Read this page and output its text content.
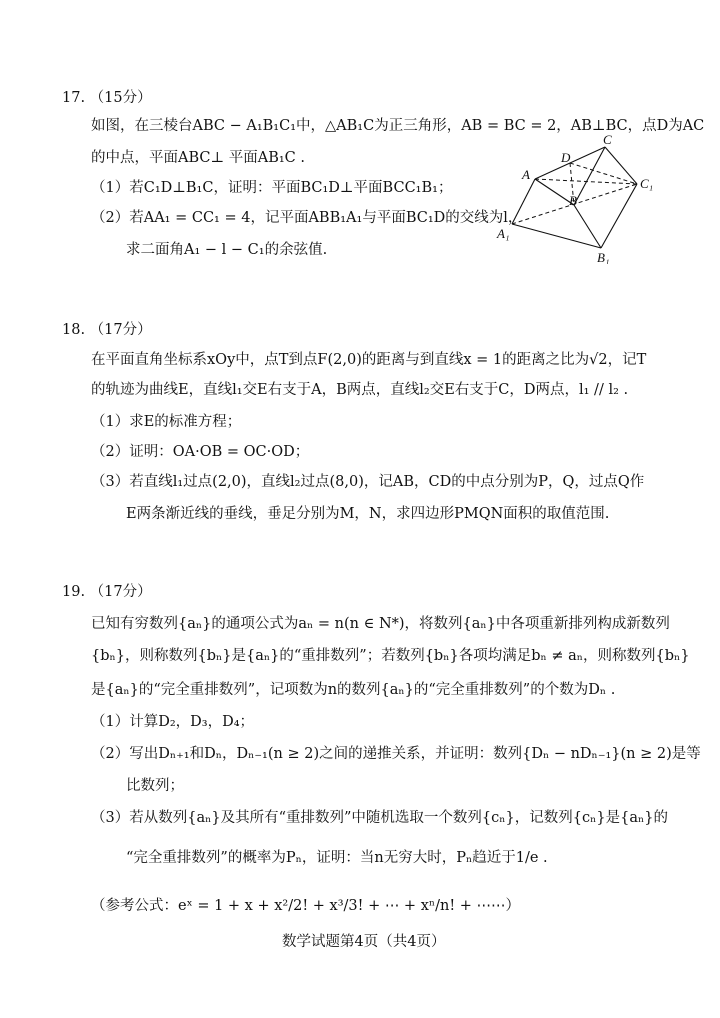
17. （15分）
如图，在三棱台ABC − A₁B₁C₁中，△AB₁C为正三角形，AB = BC = 2，AB⊥BC，点D为AC
的中点，平面ABC⊥ 平面AB₁C .
（1）若C₁D⊥B₁C，证明：平面BC₁D⊥平面BCC₁B₁；
（2）若AA₁ = CC₁ = 4，记平面ABB₁A₁与平面BC₁D的交线为l，
求二面角A₁ − l − C₁的余弦值.
A
B
C
D
A₁
B₁
C₁
18. （17分）
在平面直角坐标系xOy中，点T到点F(2,0)的距离与到直线x = 1的距离之比为√2，记T
的轨迹为曲线E，直线l₁交E右支于A，B两点，直线l₂交E右支于C，D两点，l₁ // l₂ .
（1）求E的标准方程；
（2）证明：OA·OB = OC·OD；
（3）若直线l₁过点(2,0)，直线l₂过点(8,0)，记AB，CD的中点分别为P，Q，过点Q作
E两条渐近线的垂线，垂足分别为M，N，求四边形PMQN面积的取值范围.
19. （17分）
已知有穷数列{aₙ}的通项公式为aₙ = n(n ∈ N*)，将数列{aₙ}中各项重新排列构成新数列
{bₙ}，则称数列{bₙ}是{aₙ}的“重排数列”；若数列{bₙ}各项均满足bₙ ≠ aₙ，则称数列{bₙ}
是{aₙ}的“完全重排数列”，记项数为n的数列{aₙ}的“完全重排数列”的个数为Dₙ .
（1）计算D₂，D₃，D₄；
（2）写出Dₙ₊₁和Dₙ，Dₙ₋₁(n ≥ 2)之间的递推关系，并证明：数列{Dₙ − nDₙ₋₁}(n ≥ 2)是等
比数列；
（3）若从数列{aₙ}及其所有“重排数列”中随机选取一个数列{cₙ}，记数列{cₙ}是{aₙ}的
“完全重排数列”的概率为Pₙ，证明：当n无穷大时，Pₙ趋近于1/e .
（参考公式：eˣ = 1 + x + x²/2! + x³/3! + ⋯ + xⁿ/n! + ⋯⋯）
数学试题第4页（共4页）
